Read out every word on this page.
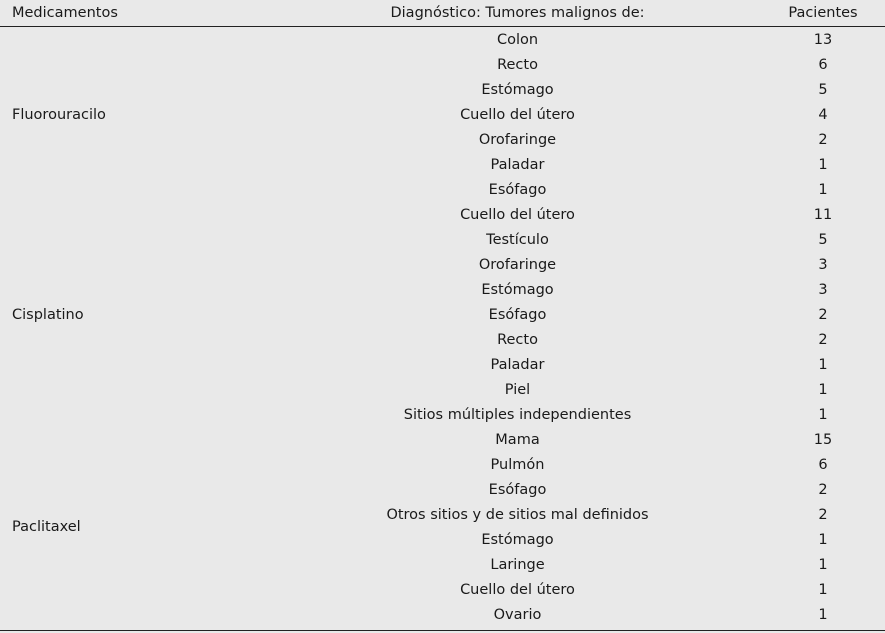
Medicamentos	Diagnóstico: Tumores malignos de:	Pacientes
Fluorouracilo	Colon	13
	Recto	6
	Estómago	5
	Cuello del útero	4
	Orofaringe	2
	Paladar	1
	Esófago	1
Cisplatino	Cuello del útero	11
	Testículo	5
	Orofaringe	3
	Estómago	3
	Esófago	2
	Recto	2
	Paladar	1
	Piel	1
	Sitios múltiples independientes	1
Paclitaxel	Mama	15
	Pulmón	6
	Esófago	2
	Otros sitios y de sitios mal definidos	2
	Estómago	1
	Laringe	1
	Cuello del útero	1
	Ovario	1
